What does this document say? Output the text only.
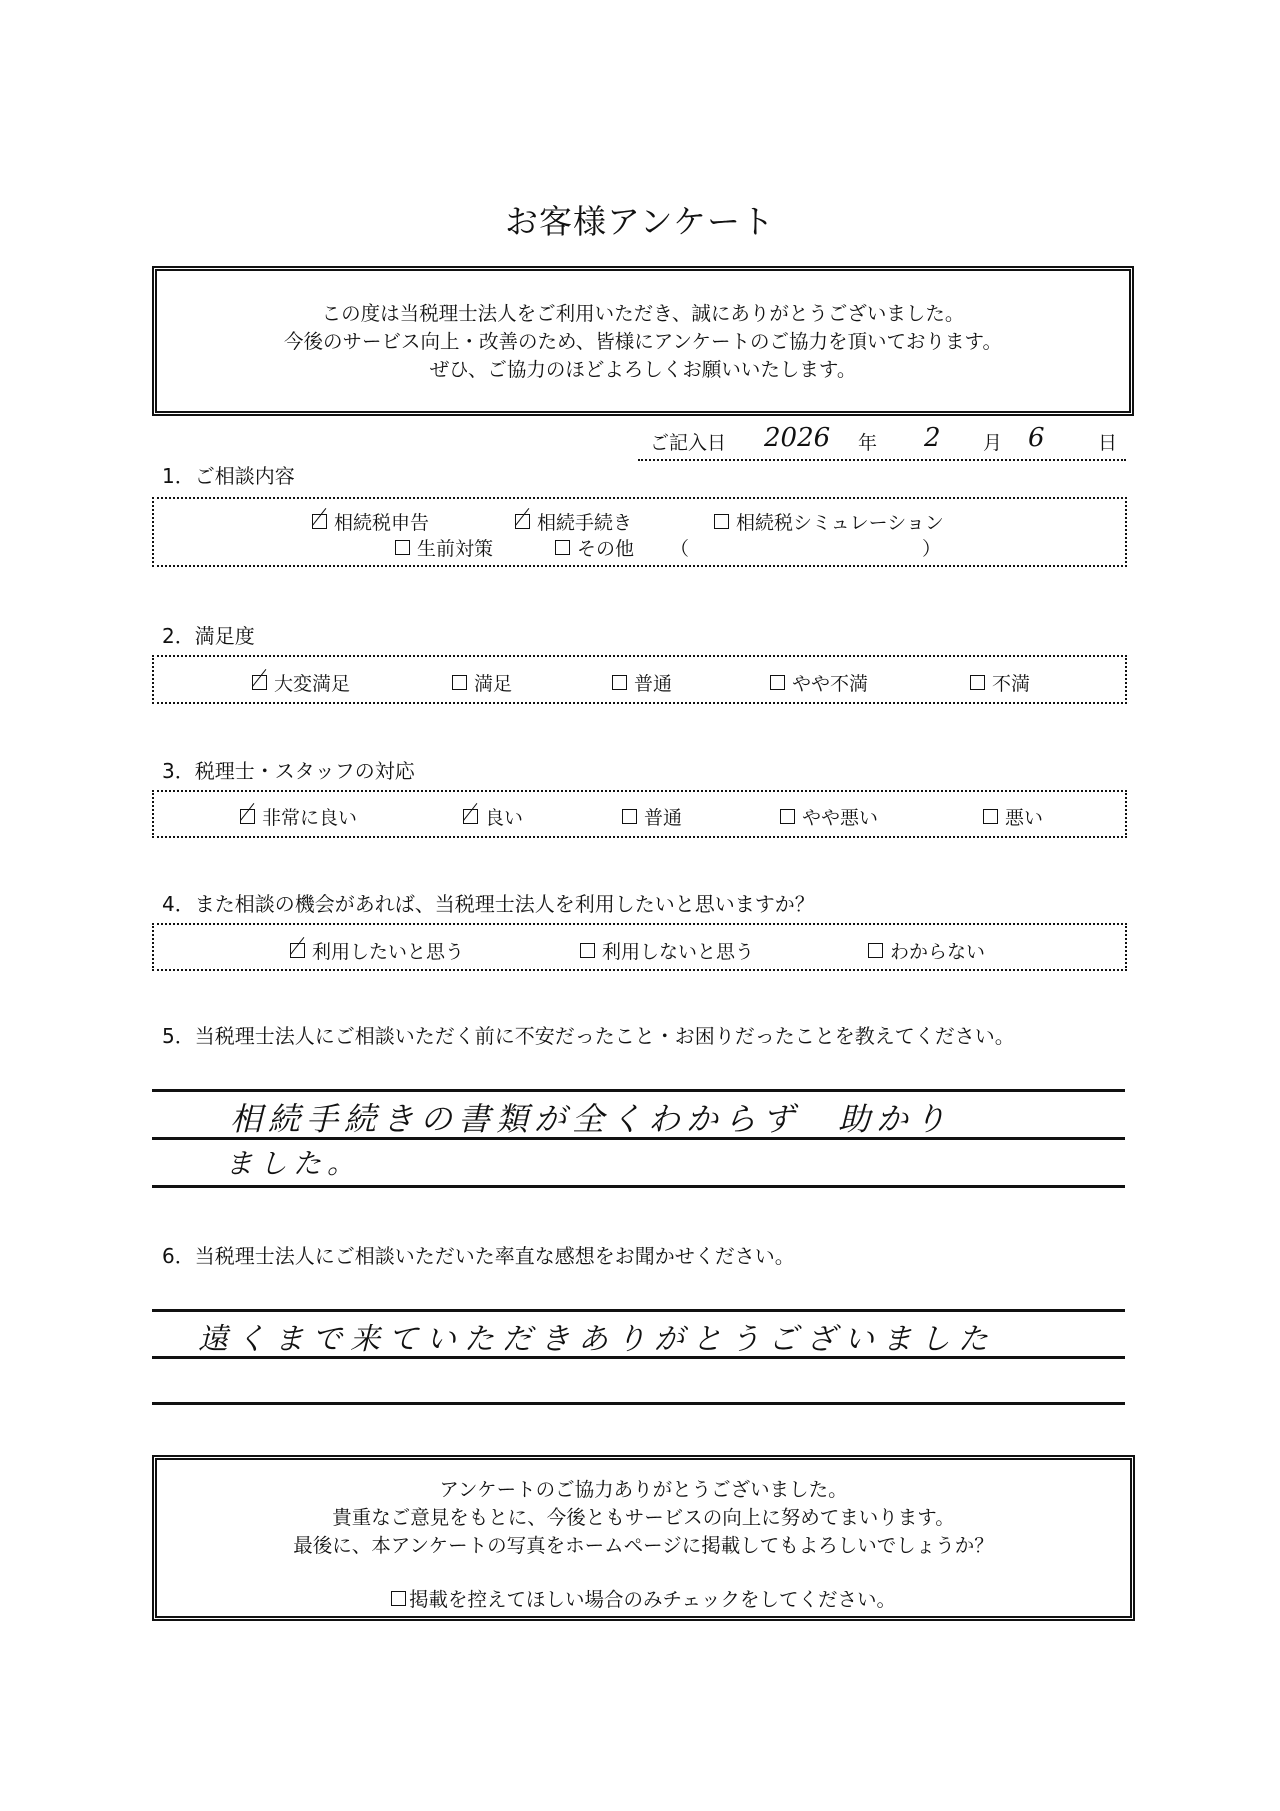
お客様アンケート
この度は当税理士法人をご利用いただき、誠にありがとうございました。
今後のサービス向上・改善のため、皆様にアンケートのご協力を頂いております。
ぜひ、ご協力のほどよろしくお願いいたします。
ご記入日 2026 年 2 月 6	日
1．ご相談内容
相続税申告	相続手続き	相続税シミュレーション
生前対策	その他 （	）
2．満足度
大変満足	満足	普通	やや不満	不満
3．税理士・スタッフの対応
非常に良い	良い	普通	やや悪い	悪い
4．また相談の機会があれば、当税理士法人を利用したいと思いますか？
利用したいと思う	利用しないと思う	わからない
5．当税理士法人にご相談いただく前に不安だったこと・お困りだったことを教えてください。
相続手続きの書類が全くわからず　助かり
ました。
6．当税理士法人にご相談いただいた率直な感想をお聞かせください。
遠くまで来ていただきありがとうございました
アンケートのご協力ありがとうございました。
貴重なご意見をもとに、今後ともサービスの向上に努めてまいります。
最後に、本アンケートの写真をホームページに掲載してもよろしいでしょうか？
掲載を控えてほしい場合のみチェックをしてください。
